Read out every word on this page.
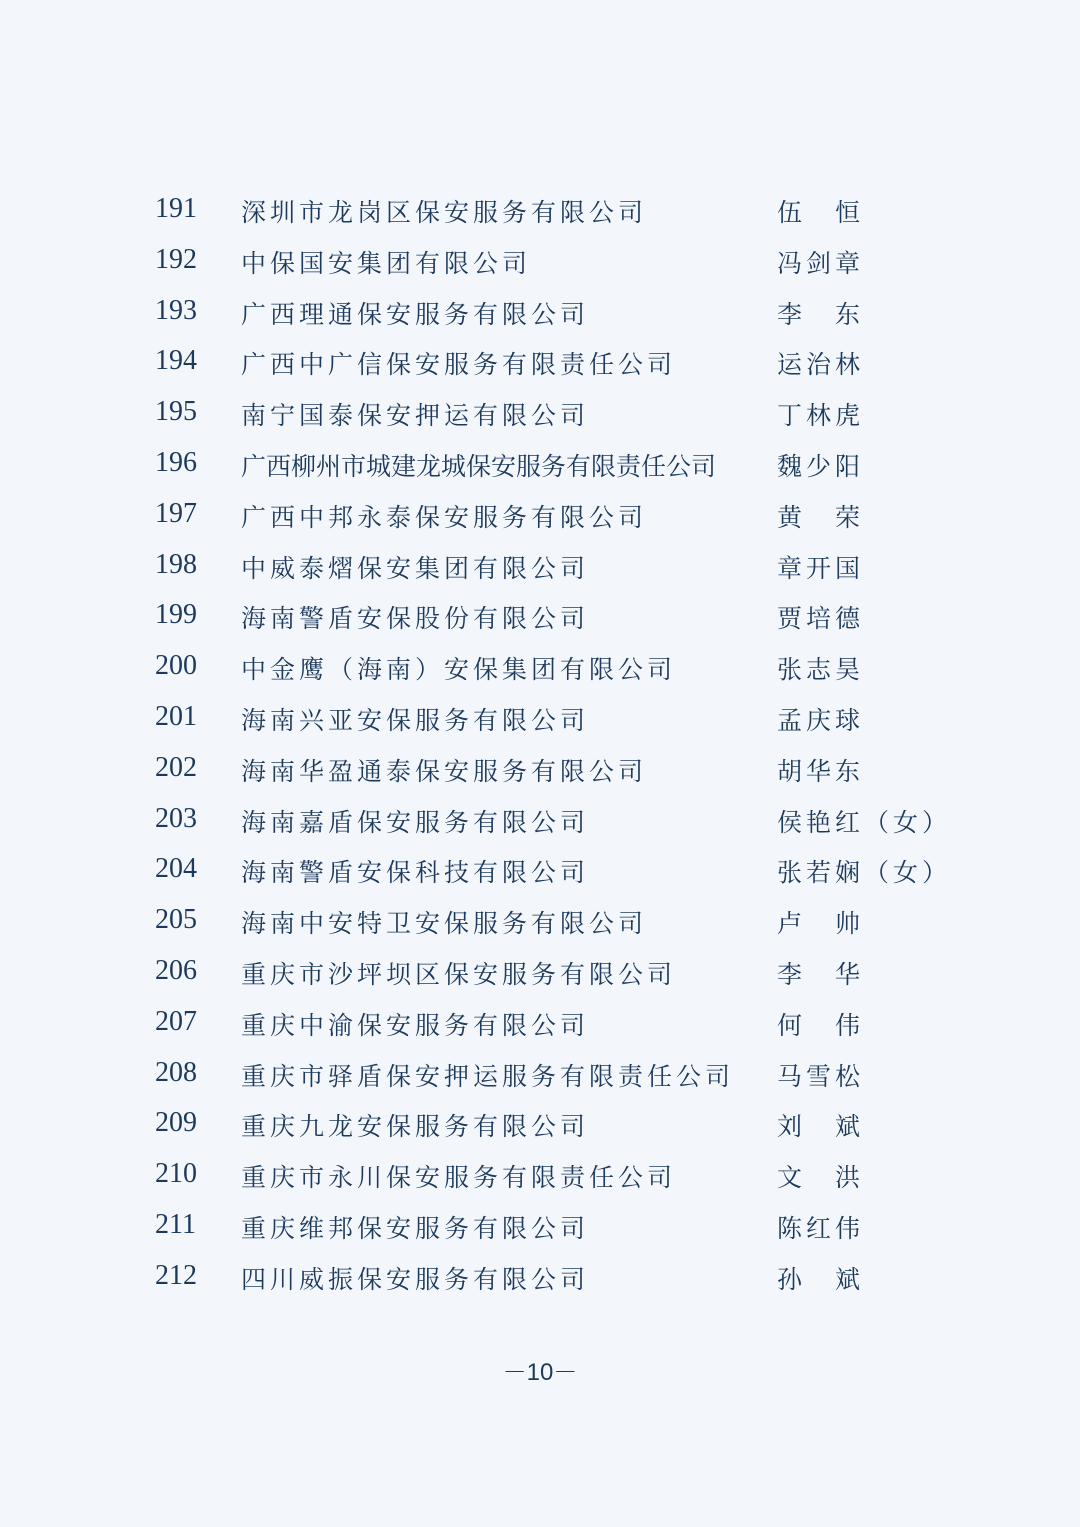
191 深圳市龙岗区保安服务有限公司	伍　恒
192 中保国安集团有限公司	冯剑章
193 广西理通保安服务有限公司	李　东
194 广西中广信保安服务有限责任公司	运治林
195 南宁国泰保安押运有限公司	丁林虎
196 广西柳州市城建龙城保安服务有限责任公司 魏少阳
197 广西中邦永泰保安服务有限公司	黄　荣
198 中威泰熠保安集团有限公司	章开国
199 海南警盾安保股份有限公司	贾培德
200 中金鹰（海南）安保集团有限公司	张志昊
201 海南兴亚安保服务有限公司	孟庆球
202 海南华盈通泰保安服务有限公司	胡华东
203 海南嘉盾保安服务有限公司	侯艳红（女）
204 海南警盾安保科技有限公司	张若娴（女）
205 海南中安特卫安保服务有限公司	卢　帅
206 重庆市沙坪坝区保安服务有限公司	李　华
207 重庆中渝保安服务有限公司	何　伟
208 重庆市驿盾保安押运服务有限责任公司 马雪松
209 重庆九龙安保服务有限公司	刘　斌
210 重庆市永川保安服务有限责任公司	文　洪
211 重庆维邦保安服务有限公司	陈红伟
212 四川威振保安服务有限公司	孙　斌
－10－
